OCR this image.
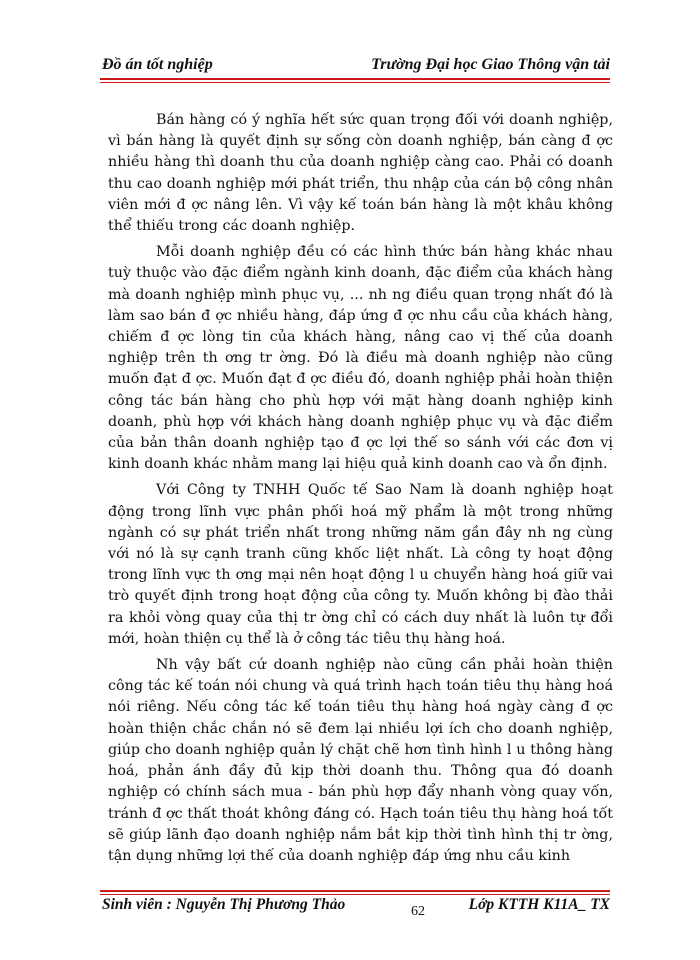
Đồ án tốt nghiệp	Trường Đại học Giao Thông vận tải

Bán hàng có ý nghĩa hết sức quan trọng đối với doanh nghiệp, vì bán hàng là quyết định sự sống còn doanh nghiệp, bán càng đ ợc nhiều hàng thì doanh thu của doanh nghiệp càng cao. Phải có doanh thu cao doanh nghiệp mới phát triển, thu nhập của cán bộ công nhân viên mới đ ợc nâng lên. Vì vậy kế toán bán hàng là một khâu không thể thiếu trong các doanh nghiệp.

Mỗi doanh nghiệp đều có các hình thức bán hàng khác nhau tuỳ thuộc vào đặc điểm ngành kinh doanh, đặc điểm của khách hàng mà doanh nghiệp mình phục vụ, ... nh ng điều quan trọng nhất đó là làm sao bán đ ợc nhiều hàng, đáp ứng đ ợc nhu cầu của khách hàng, chiếm đ ợc lòng tin của khách hàng, nâng cao vị thế của doanh nghiệp trên th ơng tr ờng. Đó là điều mà doanh nghiệp nào cũng muốn đạt đ ợc. Muốn đạt đ ợc điều đó, doanh nghiệp phải hoàn thiện công tác bán hàng cho phù hợp với mặt hàng doanh nghiệp kinh doanh, phù hợp với khách hàng doanh nghiệp phục vụ và đặc điểm của bản thân doanh nghiệp tạo đ ợc lợi thế so sánh với các đơn vị kinh doanh khác nhằm mang lại hiệu quả kinh doanh cao và ổn định.

Với Công ty TNHH Quốc tế Sao Nam là doanh nghiệp hoạt động trong lĩnh vực phân phối hoá mỹ phẩm là một trong những ngành có sự phát triển nhất trong những năm gần đây nh ng cùng với nó là sự cạnh tranh cũng khốc liệt nhất. Là công ty hoạt động trong lĩnh vực th ơng mại nên hoạt động l u chuyển hàng hoá giữ vai trò quyết định trong hoạt động của công ty. Muốn không bị đào thải ra khỏi vòng quay của thị tr ờng chỉ có cách duy nhất là luôn tự đổi mới, hoàn thiện cụ thể là ở công tác tiêu thụ hàng hoá.

Nh vậy bất cứ doanh nghiệp nào cũng cần phải hoàn thiện công tác kế toán nói chung và quá trình hạch toán tiêu thụ hàng hoá nói riêng. Nếu công tác kế toán tiêu thụ hàng hoá ngày càng đ ợc hoàn thiện chắc chắn nó sẽ đem lại nhiều lợi ích cho doanh nghiệp, giúp cho doanh nghiệp quản lý chặt chẽ hơn tình hình l u thông hàng hoá, phản ánh đầy đủ kịp thời doanh thu. Thông qua đó doanh nghiệp có chính sách mua - bán phù hợp đẩy nhanh vòng quay vốn, tránh đ ợc thất thoát không đáng có. Hạch toán tiêu thụ hàng hoá tốt sẽ giúp lãnh đạo doanh nghiệp nắm bắt kịp thời tình hình thị tr ờng, tận dụng những lợi thế của doanh nghiệp đáp ứng nhu cầu kinh

Sinh viên : Nguyễn Thị Phương Thảo	Lớp KTTH K11A_ TX
62
